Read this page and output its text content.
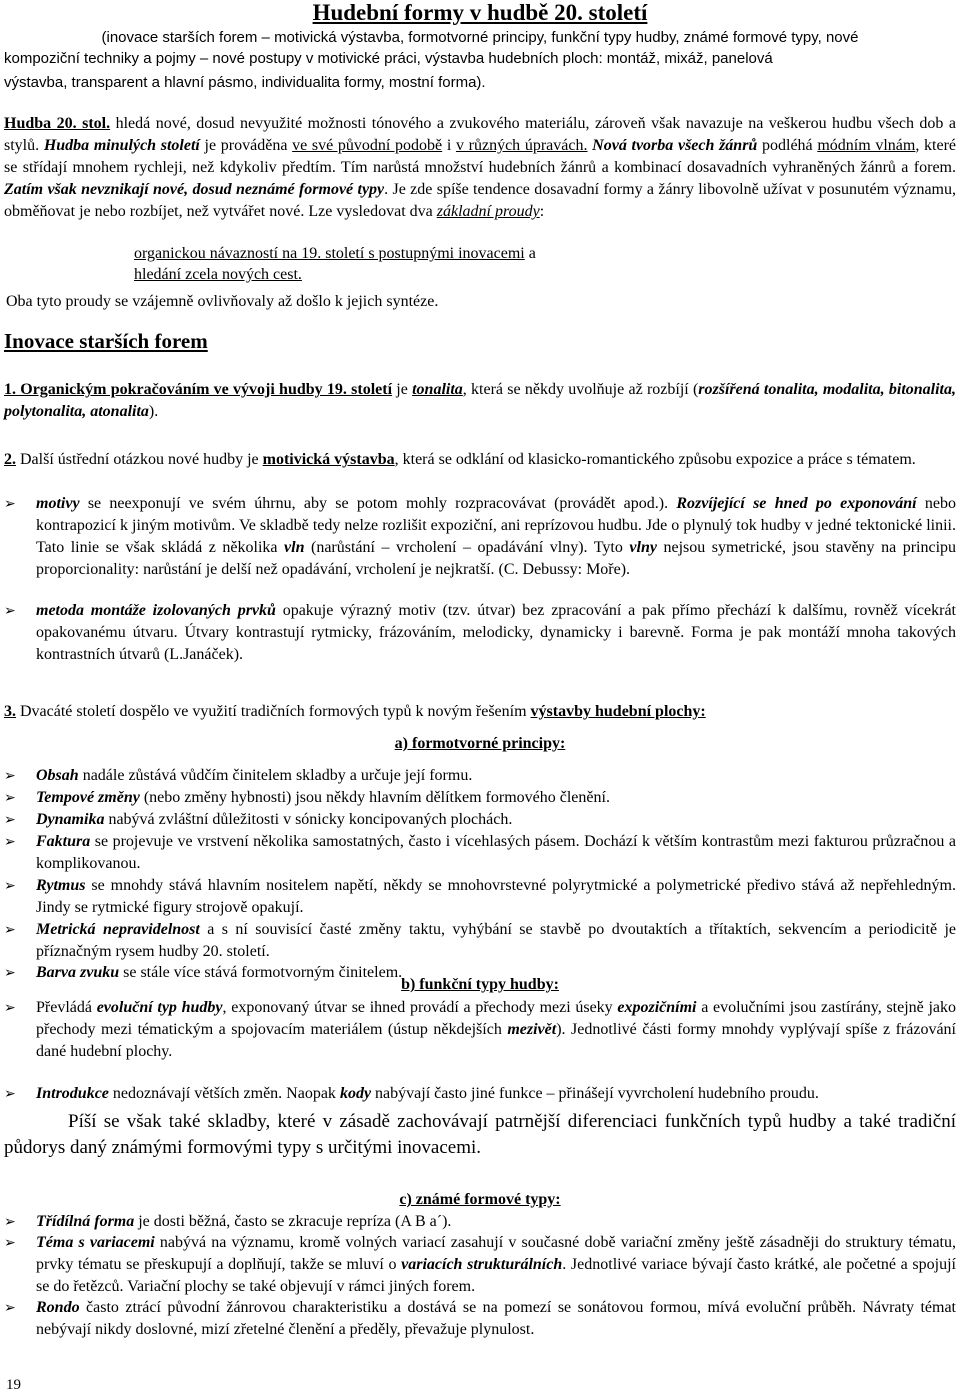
Hudební formy v hudbě 20. století
(inovace starších forem – motivická výstavba, formotvorné principy, funkční typy hudby, známé formové typy, nové
kompoziční techniky a pojmy – nové postupy v motivické práci, výstavba hudebních ploch: montáž, mixáž, panelová
výstavba, transparent a hlavní pásmo, individualita formy, mostní forma).
Hudba 20. stol. hledá nové, dosud nevyužité možnosti tónového a zvukového materiálu, zároveň však navazuje na veškerou hudbu všech dob a stylů. Hudba minulých století je prováděna ve své původní podobě i v různých úpravách. Nová tvorba všech žánrů podléhá módním vlnám, které se střídají mnohem rychleji, než kdykoliv předtím. Tím narůstá množství hudebních žánrů a kombinací dosavadních vyhraněných žánrů a forem. Zatím však nevznikají nové, dosud neznámé formové typy. Je zde spíše tendence dosavadní formy a žánry libovolně užívat v posunutém významu, obměňovat je nebo rozbíjet, než vytvářet nové. Lze vysledovat dva základní proudy:
organickou návazností na 19. století s postupnými inovacemi a
hledání zcela nových cest.
Oba tyto proudy se vzájemně ovlivňovaly až došlo k jejich syntéze.
Inovace starších forem
1. Organickým pokračováním ve vývoji hudby 19. století je tonalita, která se někdy uvolňuje až rozbíjí (rozšířená tonalita, modalita, bitonalita, polytonalita, atonalita).
2. Další ústřední otázkou nové hudby je motivická výstavba, která se odklání od klasicko-romantického způsobu expozice a práce s tématem.
➢	motivy se neexponují ve svém úhrnu, aby se potom mohly rozpracovávat (provádět apod.). Rozvíjející se hned po exponování nebo kontrapozicí k jiným motivům. Ve skladbě tedy nelze rozlišit expoziční, ani reprízovou hudbu. Jde o plynulý tok hudby v jedné tektonické linii. Tato linie se však skládá z několika vln (narůstání – vrcholení – opadávání vlny). Tyto vlny nejsou symetrické, jsou stavěny na principu proporcionality: narůstání je delší než opadávání, vrcholení je nejkratší. (C. Debussy: Moře).
➢	metoda montáže izolovaných prvků opakuje výrazný motiv (tzv. útvar) bez zpracování a pak přímo přechází k dalšímu, rovněž vícekrát opakovanému útvaru. Útvary kontrastují rytmicky, frázováním, melodicky, dynamicky i barevně. Forma je pak montáží mnoha takových kontrastních útvarů (L.Janáček).
3. Dvacáté století dospělo ve využití tradičních formových typů k novým řešením výstavby hudební plochy:
a) formotvorné principy:
➢	Obsah nadále zůstává vůdčím činitelem skladby a určuje její formu.
➢	Tempové změny (nebo změny hybnosti) jsou někdy hlavním dělítkem formového členění.
➢	Dynamika nabývá zvláštní důležitosti v sónicky koncipovaných plochách.
➢	Faktura se projevuje ve vrstvení několika samostatných, často i vícehlasých pásem. Dochází k větším kontrastům mezi fakturou průzračnou a komplikovanou.
➢	Rytmus se mnohdy stává hlavním nositelem napětí, někdy se mnohovrstevné polyrytmické a polymetrické předivo stává až nepřehledným. Jindy se rytmické figury strojově opakují.
➢	Metrická nepravidelnost a s ní souvisící časté změny taktu, vyhýbání se stavbě po dvoutaktích a třítaktích, sekvencím a periodicitě je příznačným rysem hudby 20. století.
➢	Barva zvuku se stále více stává formotvorným činitelem.
b) funkční typy hudby:
➢	Převládá evoluční typ hudby, exponovaný útvar se ihned provádí a přechody mezi úseky expozičními a evolučními jsou zastírány, stejně jako přechody mezi tématickým a spojovacím materiálem (ústup někdejších mezivět). Jednotlivé části formy mnohdy vyplývají spíše z frázování dané hudební plochy.
➢	Introdukce nedoznávají větších změn. Naopak kody nabývají často jiné funkce – přinášejí vyvrcholení hudebního proudu.
Píší se však také skladby, které v zásadě zachovávají patrnější diferenciaci funkčních typů hudby a také tradiční půdorys daný známými formovými typy s určitými inovacemi.
c) známé formové typy:
➢	Třídílná forma je dosti běžná, často se zkracuje repríza (A B a´).
➢	Téma s variacemi nabývá na významu, kromě volných variací zasahují v současné době variační změny ještě zásadněji do struktury tématu, prvky tématu se přeskupují a doplňují, takže se mluví o variacích strukturálních. Jednotlivé variace bývají často krátké, ale početné a spojují se do řetězců. Variační plochy se také objevují v rámci jiných forem.
➢	Rondo často ztrácí původní žánrovou charakteristiku a dostává se na pomezí se sonátovou formou, mívá evoluční průběh. Návraty témat nebývají nikdy doslovné, mizí zřetelné členění a předěly, převažuje plynulost.
19
